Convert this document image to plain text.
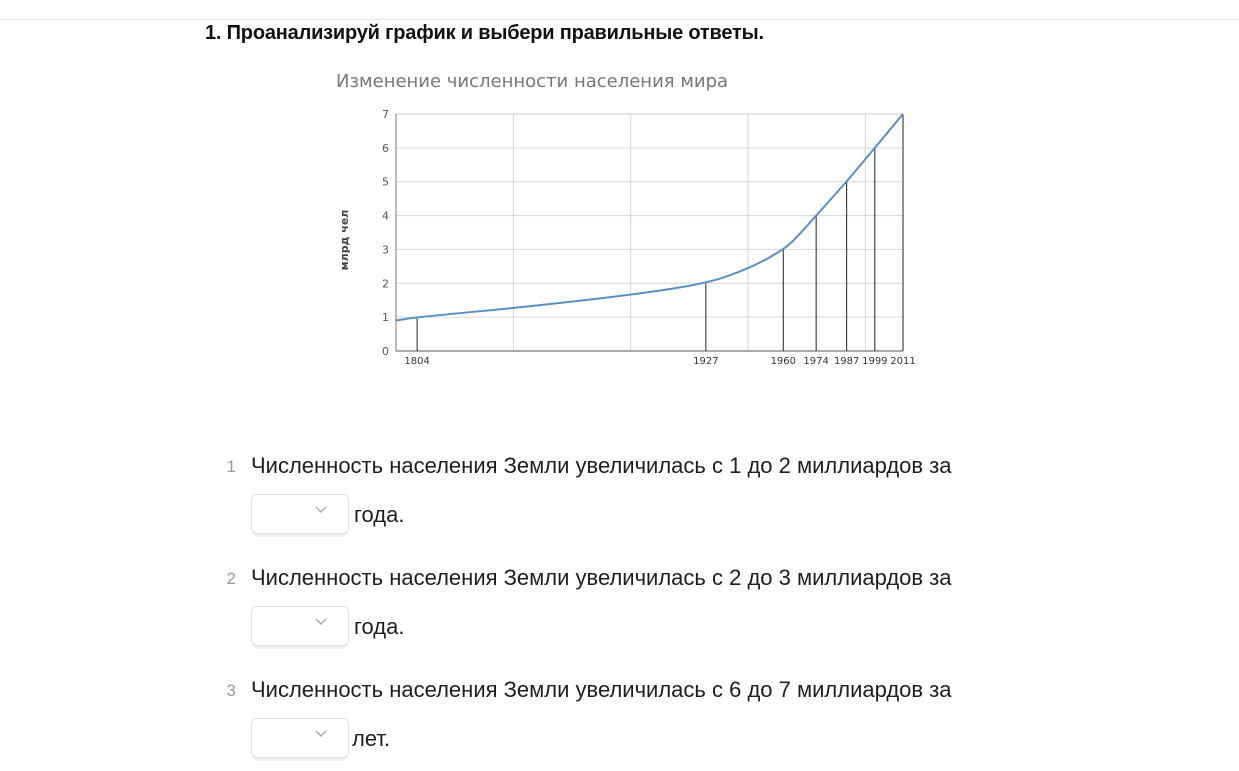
1. Проанализируй график и выбери правильные ответы.
Изменение численности населения мира
0
1
2
3
4
5
6
7
1804	1927	1960 1974 1987 1999 2011
млрд чел
1 Численность населения Земли увеличилась с 1 до 2 миллиардов за
года.
2 Численность населения Земли увеличилась с 2 до 3 миллиардов за
года.
3 Численность населения Земли увеличилась с 6 до 7 миллиардов за
лет.
